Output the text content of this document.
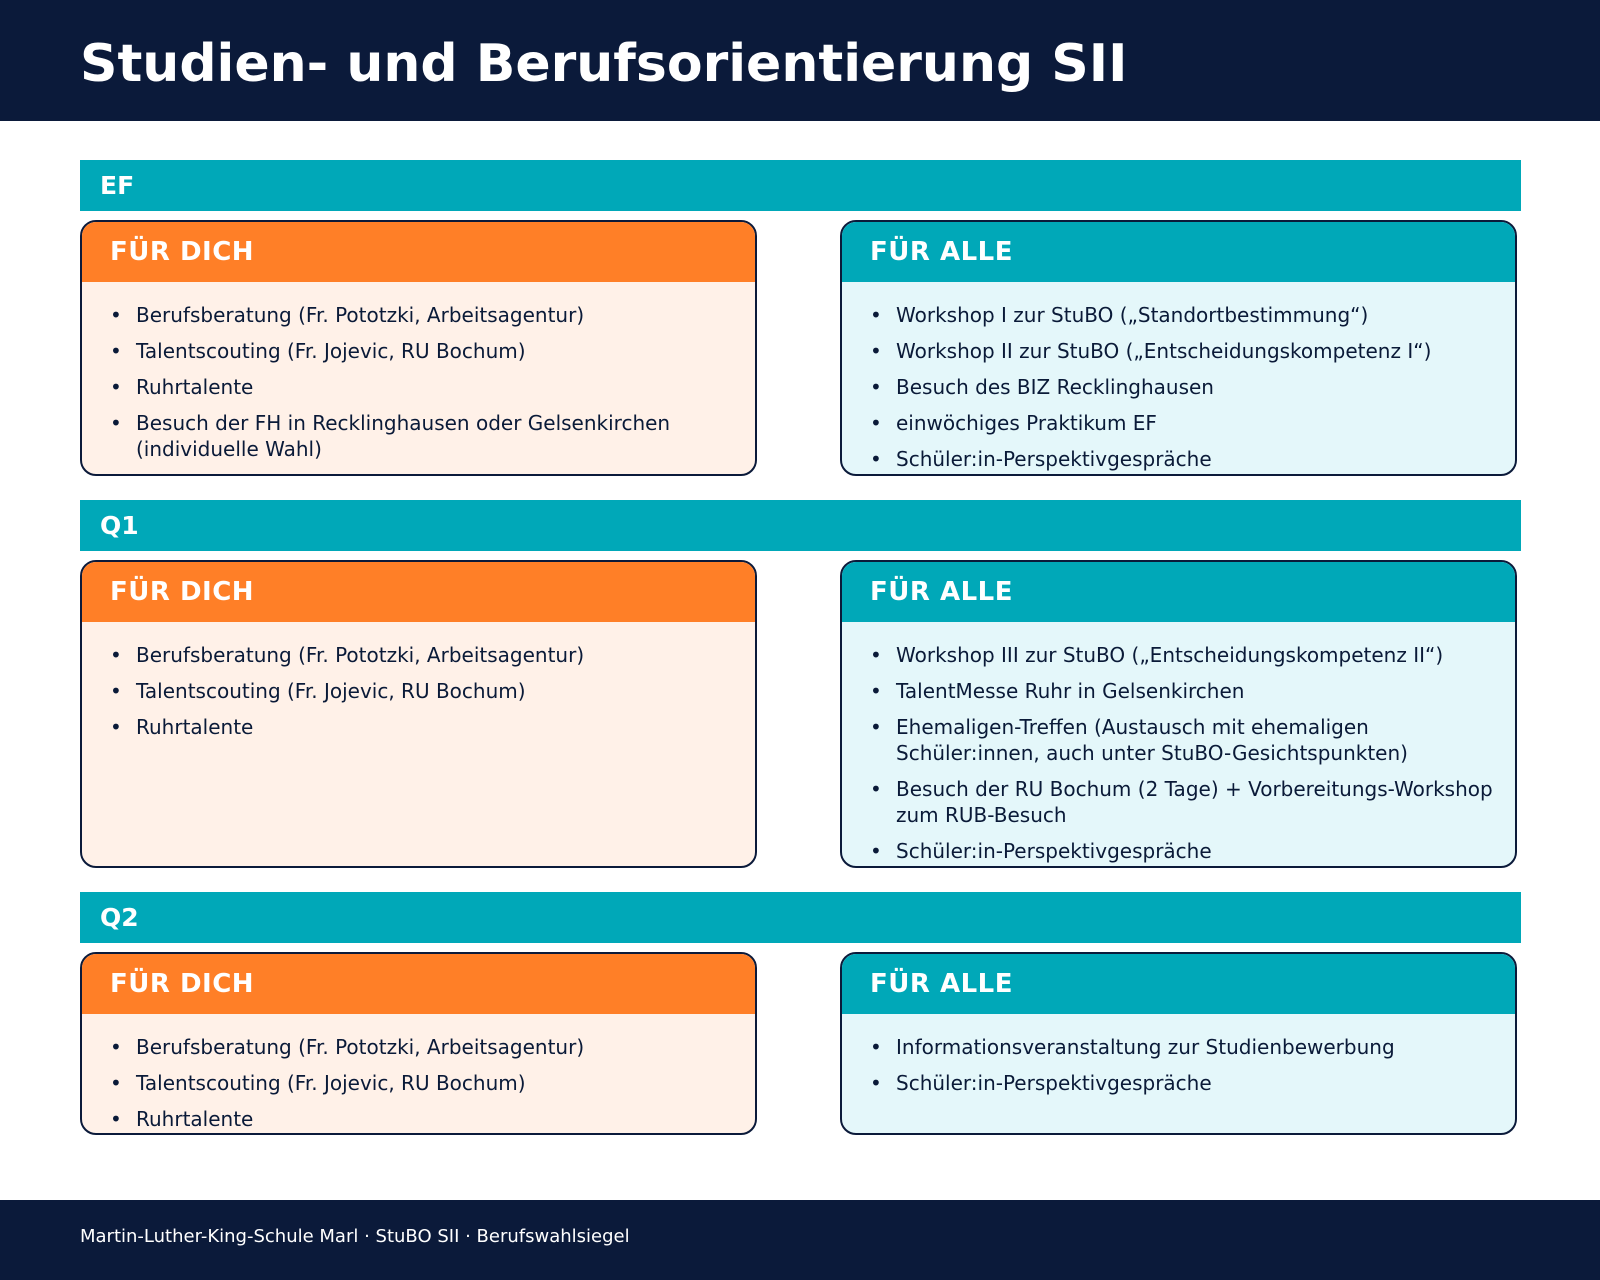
Studien- und Berufsorientierung SII
EF
FÜR DICH
• Berufsberatung (Fr. Pototzki, Arbeitsagentur)
• Talentscouting (Fr. Jojevic, RU Bochum)
• Ruhrtalente
• Besuch der FH in Recklinghausen oder Gelsenkirchen (individuelle Wahl)
FÜR ALLE
• Workshop I zur StuBO („Standortbestimmung“)
• Workshop II zur StuBO („Entscheidungskompetenz I“)
• Besuch des BIZ Recklinghausen
• einwöchiges Praktikum EF
• Schüler:in-Perspektivgespräche
Q1
FÜR DICH
• Berufsberatung (Fr. Pototzki, Arbeitsagentur)
• Talentscouting (Fr. Jojevic, RU Bochum)
• Ruhrtalente
FÜR ALLE
• Workshop III zur StuBO („Entscheidungskompetenz II“)
• TalentMesse Ruhr in Gelsenkirchen
• Ehemaligen-Treffen (Austausch mit ehemaligen Schüler:innen, auch unter StuBO-Gesichtspunkten)
• Besuch der RU Bochum (2 Tage) + Vorbereitungs-Workshop zum RUB-Besuch
• Schüler:in-Perspektivgespräche
Q2
FÜR DICH
• Berufsberatung (Fr. Pototzki, Arbeitsagentur)
• Talentscouting (Fr. Jojevic, RU Bochum)
• Ruhrtalente
FÜR ALLE
• Informationsveranstaltung zur Studienbewerbung
• Schüler:in-Perspektivgespräche
Martin-Luther-King-Schule Marl · StuBO SII · Berufswahlsiegel
